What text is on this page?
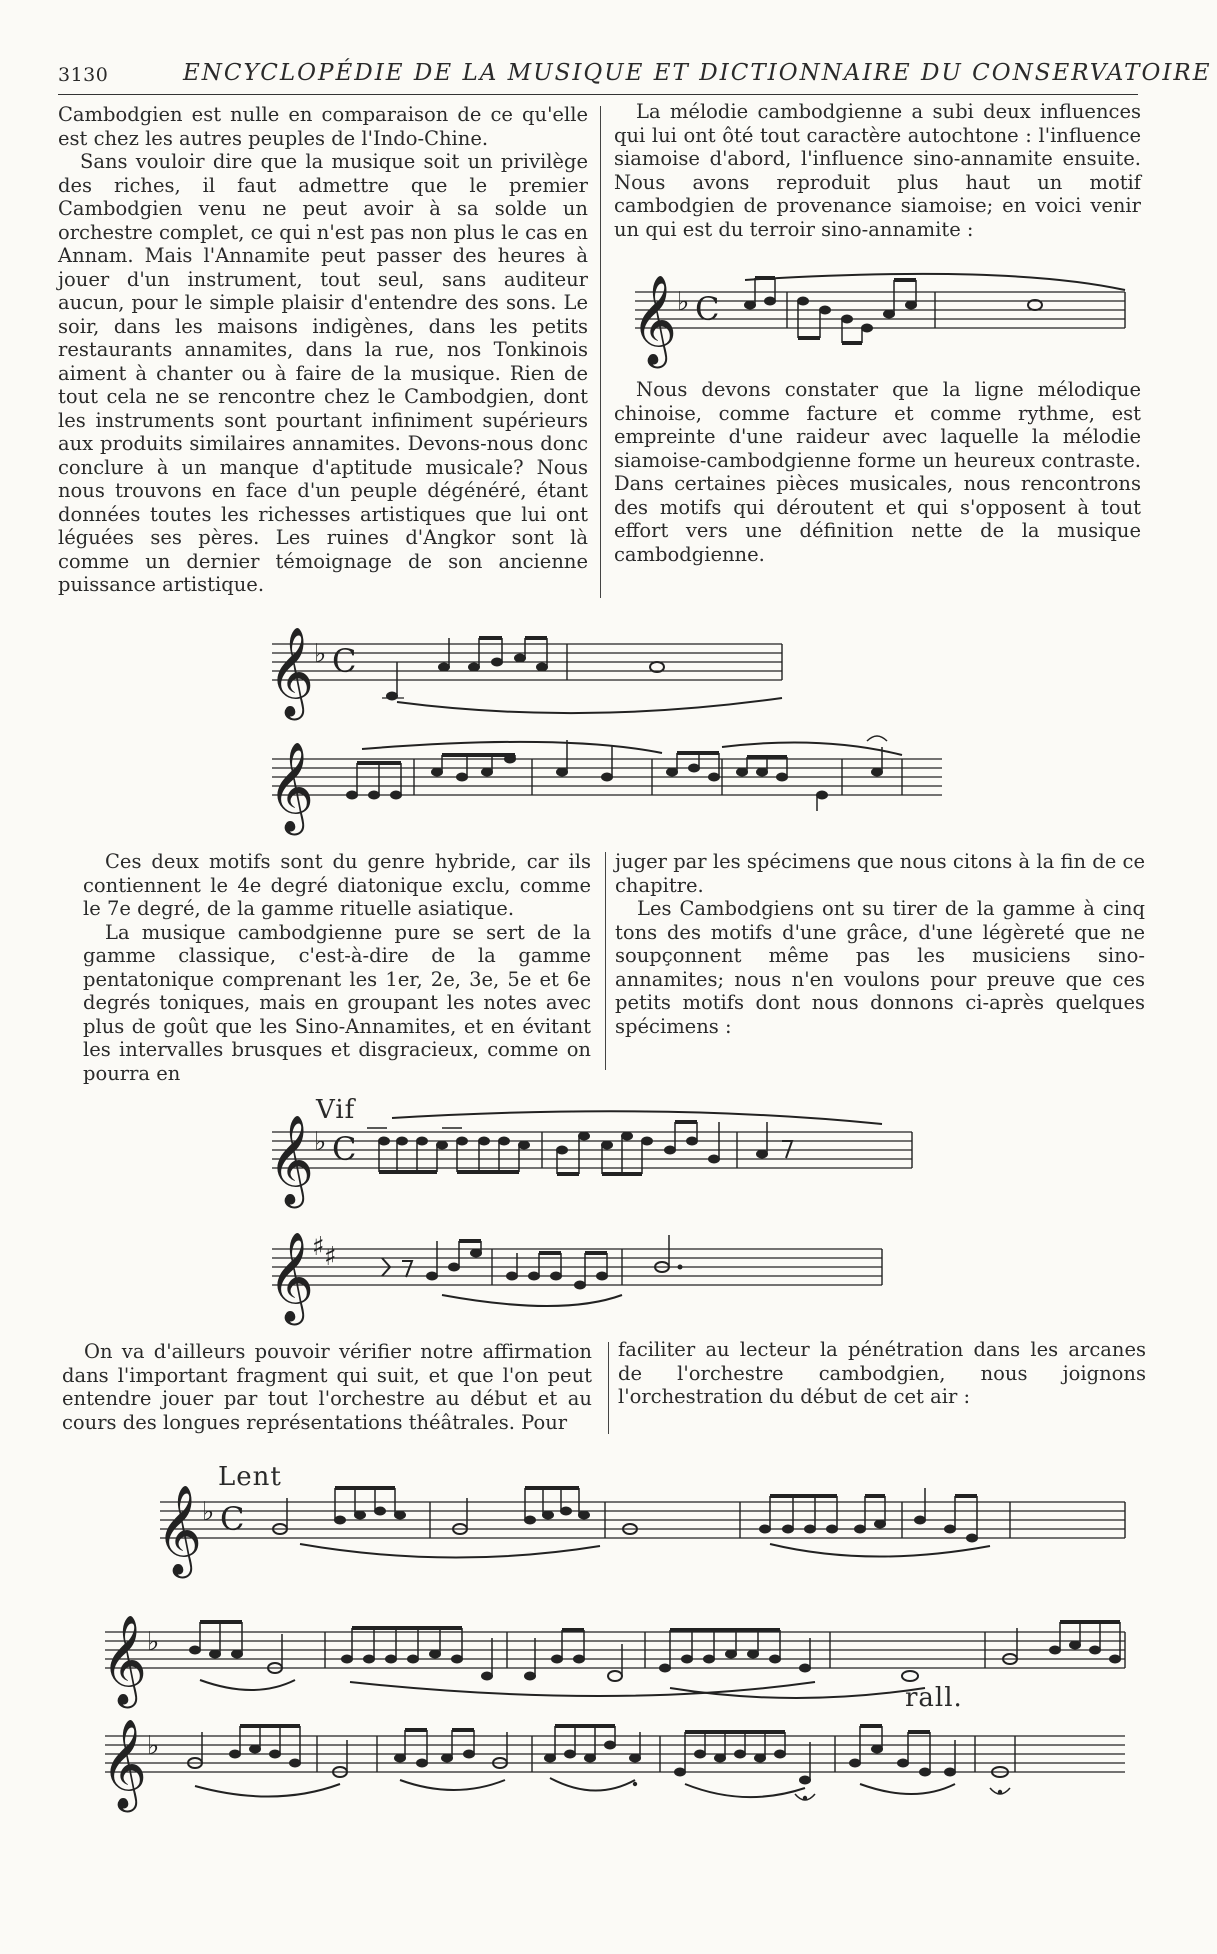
3130	ENCYCLOPÉDIE DE LA MUSIQUE ET DICTIONNAIRE DU CONSERVATOIRE

Cambodgien est nulle en comparaison de ce qu'elle est chez les autres peuples de l'Indo-Chine.

Sans vouloir dire que la musique soit un privilège des riches, il faut admettre que le premier Cambodgien venu ne peut avoir à sa solde un orchestre complet, ce qui n'est pas non plus le cas en Annam. Mais l'Annamite peut passer des heures à jouer d'un instrument, tout seul, sans auditeur aucun, pour le simple plaisir d'entendre des sons. Le soir, dans les maisons indigènes, dans les petits restaurants annamites, dans la rue, nos Tonkinois aiment à chanter ou à faire de la musique. Rien de tout cela ne se rencontre chez le Cambodgien, dont les instruments sont pourtant infiniment supérieurs aux produits similaires annamites. Devons-nous donc conclure à un manque d'aptitude musicale? Nous nous trouvons en face d'un peuple dégénéré, étant données toutes les richesses artistiques que lui ont léguées ses pères. Les ruines d'Angkor sont là comme un dernier témoignage de son ancienne puissance artistique.

La mélodie cambodgienne a subi deux influences qui lui ont ôté tout caractère autochtone : l'influence siamoise d'abord, l'influence sino-annamite ensuite. Nous avons reproduit plus haut un motif cambodgien de provenance siamoise; en voici venir un qui est du terroir sino-annamite :

𝄞 ♭ C

Nous devons constater que la ligne mélodique chinoise, comme facture et comme rythme, est empreinte d'une raideur avec laquelle la mélodie siamoise-cambodgienne forme un heureux contraste. Dans certaines pièces musicales, nous rencontrons des motifs qui déroutent et qui s'opposent à tout effort vers une définition nette de la musique cambodgienne.

𝄞 ♭ C
𝄞

Ces deux motifs sont du genre hybride, car ils contiennent le 4e degré diatonique exclu, comme le 7e degré, de la gamme rituelle asiatique.

La musique cambodgienne pure se sert de la gamme classique, c'est-à-dire de la gamme pentatonique comprenant les 1er, 2e, 3e, 5e et 6e degrés toniques, mais en groupant les notes avec plus de goût que les Sino-Annamites, et en évitant les intervalles brusques et disgracieux, comme on pourra en

juger par les spécimens que nous citons à la fin de ce chapitre.

Les Cambodgiens ont su tirer de la gamme à cinq tons des motifs d'une grâce, d'une légèreté que ne soupçonnent même pas les musiciens sino-annamites; nous n'en voulons pour preuve que ces petits motifs dont nous donnons ci-après quelques spécimens :

Vif
𝄞 ♭ C
𝄞
♯ ♯

On va d'ailleurs pouvoir vérifier notre affirmation dans l'important fragment qui suit, et que l'on peut entendre jouer par tout l'orchestre au début et au cours des longues représentations théâtrales. Pour

faciliter au lecteur la pénétration dans les arcanes de l'orchestre cambodgien, nous joignons l'orchestration du début de cet air :

Lent
𝄞 ♭ C
𝄞 ♭
rall.
𝄞 ♭
